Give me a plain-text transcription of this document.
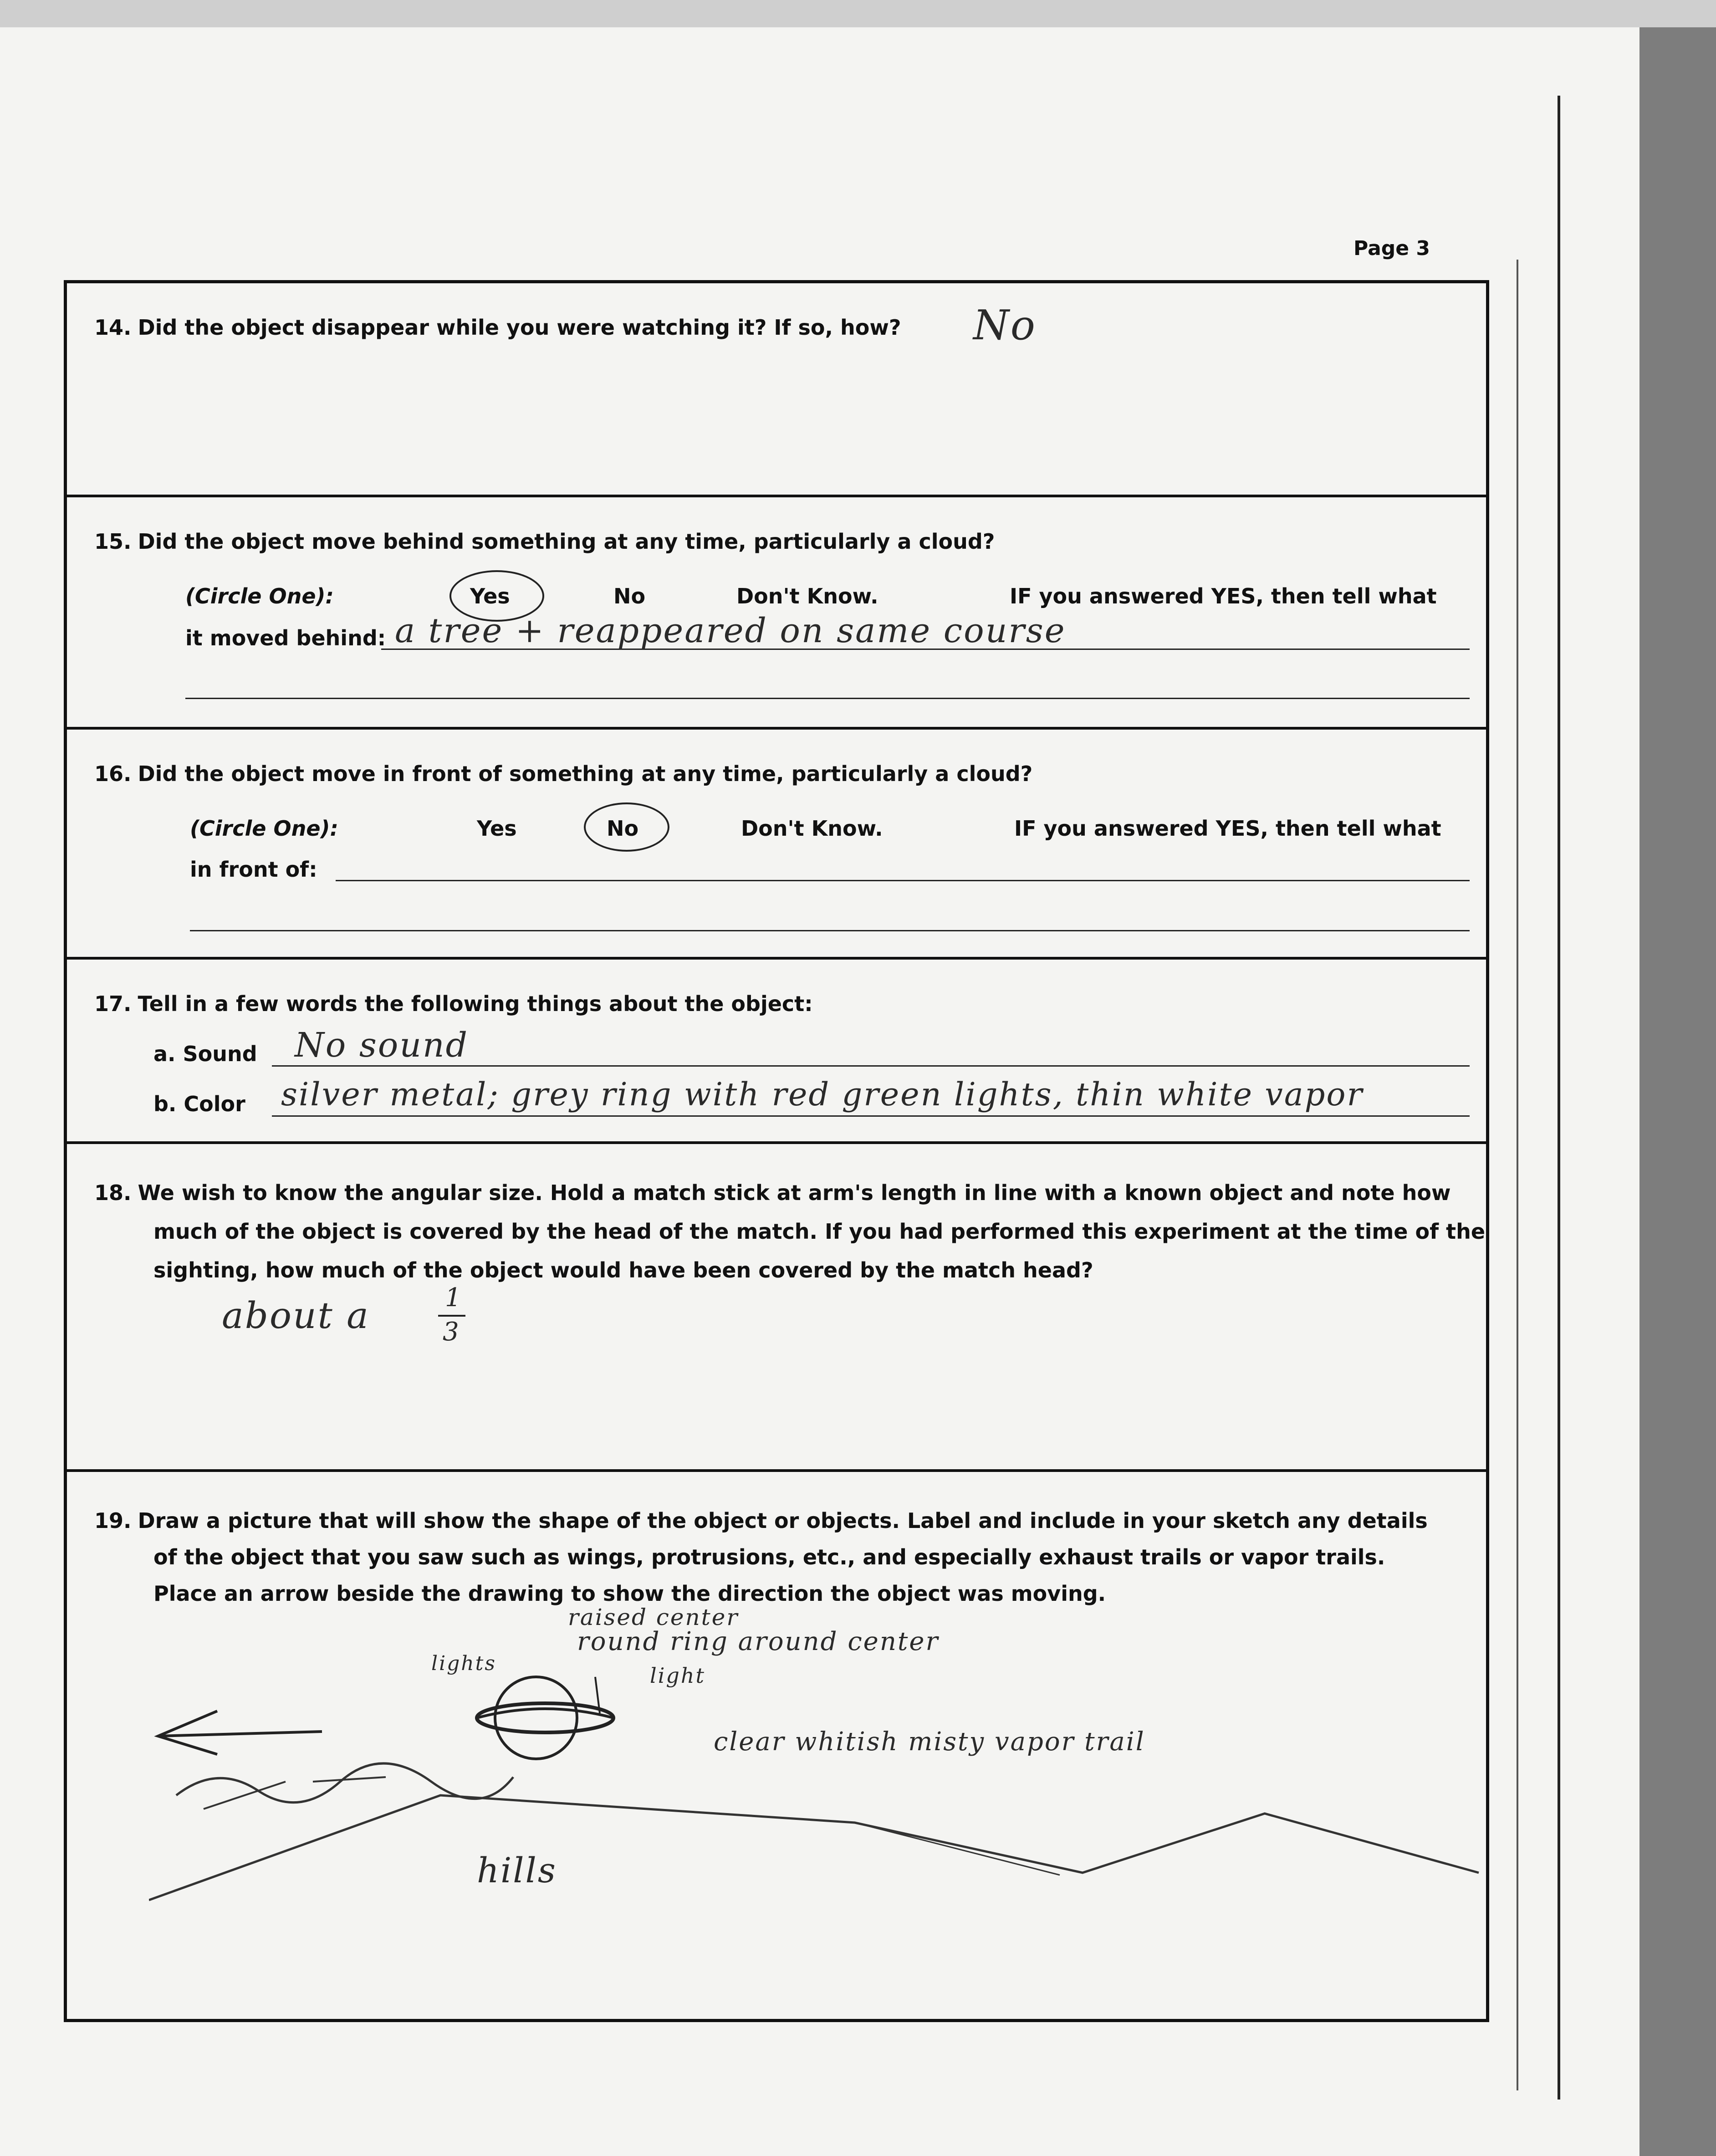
Page 3
14. Did the object disappear while you were watching it? If so, how? No
15. Did the object move behind something at any time, particularly a cloud?
(Circle One):	Yes	No	Don't Know.	IF you answered YES, then tell what
it moved behind: a tree + reappeared on same course
16. Did the object move in front of something at any time, particularly a cloud?
(Circle One):	Yes	No	Don't Know.	IF you answered YES, then tell what
in front of:
17. Tell in a few words the following things about the object:
a. Sound No sound
b. Color silver metal; grey ring with red green lights, thin white vapor
18. We wish to know the angular size. Hold a match stick at arm's length in line with a known object and note how
much of the object is covered by the head of the match. If you had performed this experiment at the time of the
sighting, how much of the object would have been covered by the match head?
about a	1
3
19. Draw a picture that will show the shape of the object or objects. Label and include in your sketch any details
of the object that you saw such as wings, protrusions, etc., and especially exhaust trails or vapor trails.
Place an arrow beside the drawing to show the direction the object was moving.
raised center
round ring around center
lights	light
clear whitish misty vapor trail
hills
